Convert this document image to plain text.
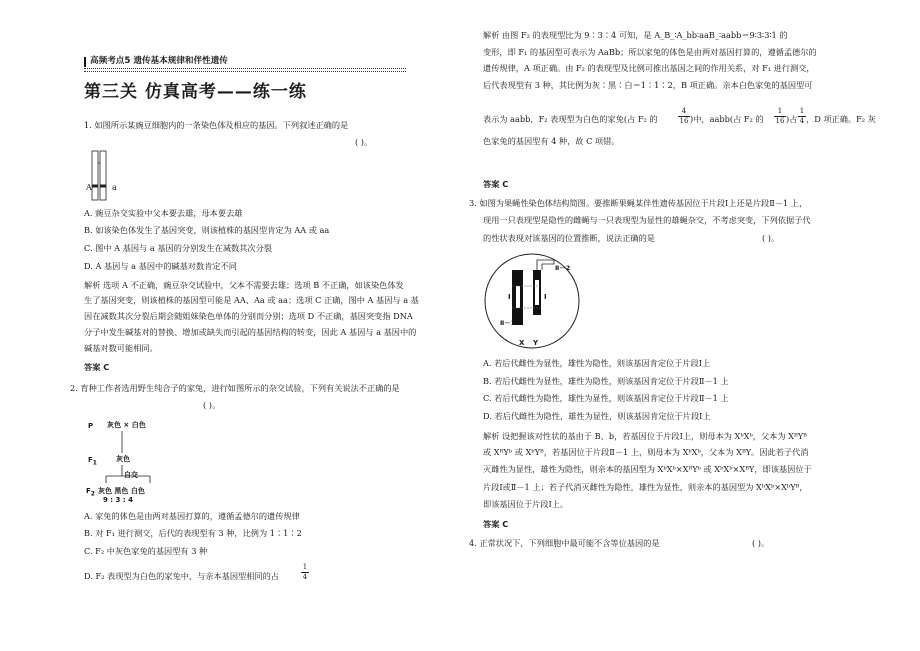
高频考点5 遗传基本规律和伴性遗传
第三关 仿真高考——练一练
1. 如图所示某豌豆细胞内的一条染色体及相应的基因。下列叙述正确的是
( )。
A a
A. 豌豆杂交实验中父本要去雄，母本要去雄
B. 如该染色体发生了基因突变，则该植株的基因型肯定为 AA 或 aa
C. 图中 A 基因与 a 基因的分别发生在减数其次分裂
D. A 基因与 a 基因中的碱基对数肯定不同
解析 选项 A 不正确，豌豆杂交试验中，父本不需要去雄；选项 B 不正确，如该染色体发
生了基因突变，则该植株的基因型可能是 AA、Aa 或 aa；选项 C 正确，图中 A 基因与 a 基
因在减数其次分裂后期会随姐妹染色单体的分别而分别；选项 D 不正确，基因突变指 DNA
分子中发生碱基对的替换、增加或缺失而引起的基因结构的转变，因此 A 基因与 a 基因中的
碱基对数可能相同。
答案 C
2. 育种工作者选用野生纯合子的家兔，进行如图所示的杂交试验，下列有关说法不正确的是
( )。
P 灰色 × 白色
F1	灰色
自交
F2 灰色 黑色 白色
9 : 3 : 4
A. 家兔的体色是由两对基因打算的，遵循孟德尔的遗传规律
B. 对 F₁ 进行测交，后代的表现型有 3 种，比例为 1∶1∶2
C. F₂ 中灰色家兔的基因型有 3 种
D. F₂ 表现型为白色的家兔中，与亲本基因型相同的占	$\frac{1}{4}$
解析 由图 F₂ 的表现型比为 9∶3∶4 可知，是 A_B_∶A_bb∶aaB_∶aabb＝9∶3∶3∶1 的
变形，即 F₁ 的基因型可表示为 AaBb；所以家兔的体色是由两对基因打算的，遵循孟德尔的
遗传规律，A 项正确。由 F₂ 的表现型及比例可推出基因之间的作用关系，对 F₁ 进行测交，
后代表现型有 3 种，其比例为灰∶黑∶白＝1∶1∶2，B 项正确。亲本白色家兔的基因型可
表示为 aabb，F₂ 表现型为白色的家兔(占 F₂ 的	$\frac{4}{16}$ )中，aabb(占 F₂ 的 $\frac{1}{16}$ )占 $\frac{1}{4}$ ，D 项正确。F₂ 灰
色家兔的基因型有 4 种，故 C 项错。
答案 C
3. 如图为果蝇性染色体结构简图。要推断果蝇某伴性遗传基因位于片段Ⅰ上还是片段Ⅱ－1 上，
现用一只表现型是隐性的雌蝇与一只表现型为显性的雄蝇杂交，不考虑突变，下列依据子代
的性状表现对该基因的位置推断，说法正确的是	( )。
Ⅱ－2
Ⅰ	Ⅰ
Ⅱ－1
X Y
A. 若后代雌性为显性，雄性为隐性，则该基因肯定位于片段Ⅰ上
B. 若后代雌性为显性，雄性为隐性，则该基因肯定位于片段Ⅱ－1 上
C. 若后代雌性为隐性，雄性为显性，则该基因肯定位于片段Ⅱ－1 上
D. 若后代雌性为隐性，雄性为显性，则该基因肯定位于片段Ⅰ上
解析 设把握该对性状的基由于 B、b，若基因位于片段Ⅰ上，则母本为 XᵇXᵇ，父本为 XᴮYᴮ
或 XᴮYᵇ 或 XᵇYᴮ，若基因位于片段Ⅱ－1 上，则母本为 XᵇXᵇ，父本为 XᴮY。因此若子代消
灭雌性为显性，雄性为隐性，则亲本的基因型为 XᵇXᵇ×XᴮYᵇ 或 XᵇXᵇ×XᴮY，即该基因位于
片段Ⅰ或Ⅱ－1 上；若子代消灭雌性为隐性，雄性为显性，则亲本的基因型为 XᵇXᵇ×XᵇYᴮ，
即该基因位于片段Ⅰ上。
答案 C
4. 正常状况下，下列细胞中最可能不含等位基因的是	( )。
